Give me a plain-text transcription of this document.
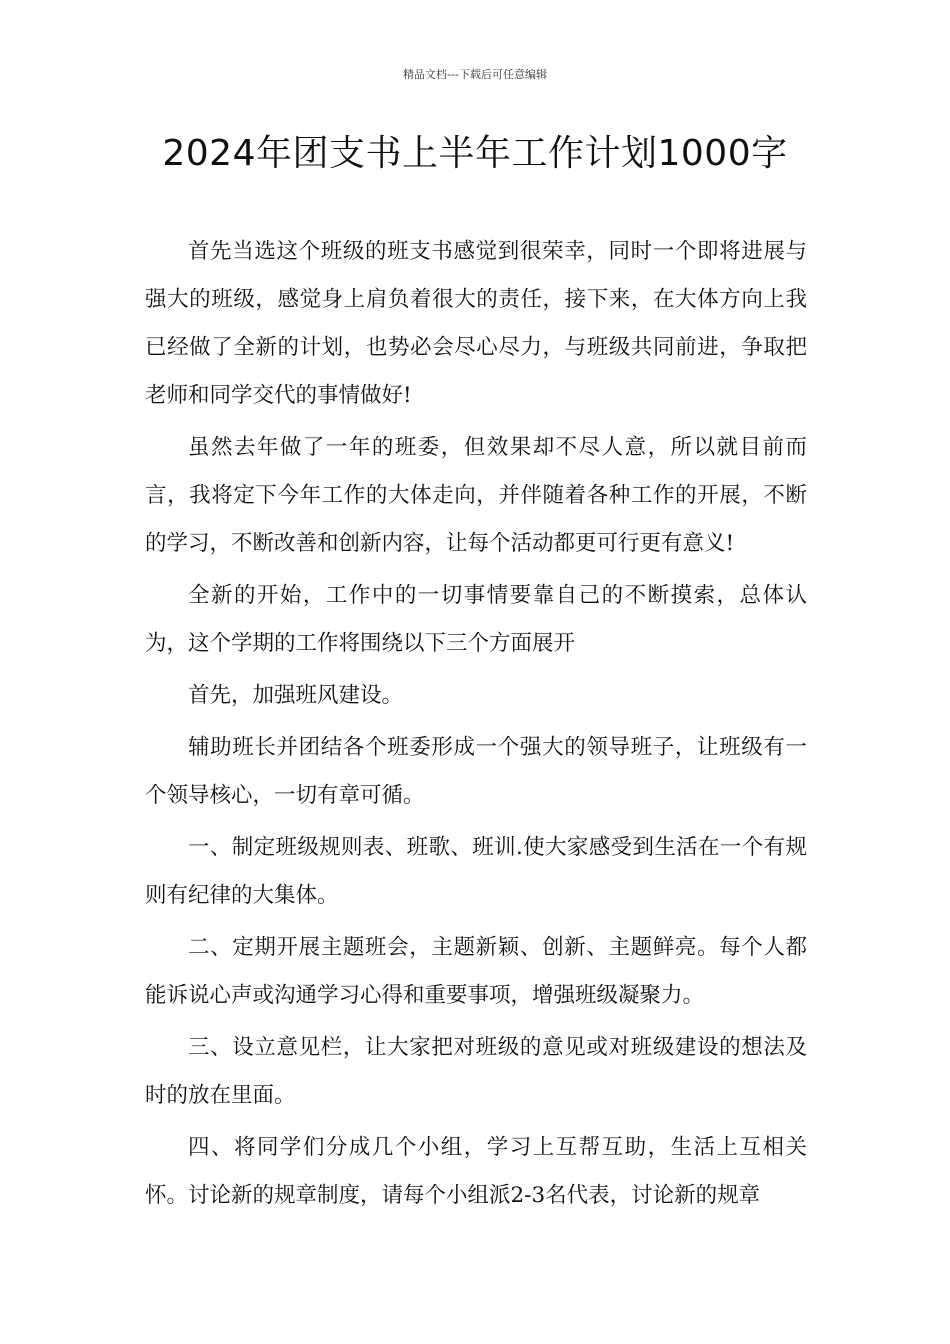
精品文档---下载后可任意编辑
2024年团支书上半年工作计划1000字

首先当选这个班级的班支书感觉到很荣幸，同时一个即将进展与强大的班级，感觉身上肩负着很大的责任，接下来，在大体方向上我已经做了全新的计划，也势必会尽心尽力，与班级共同前进，争取把老师和同学交代的事情做好!

虽然去年做了一年的班委，但效果却不尽人意，所以就目前而言，我将定下今年工作的大体走向，并伴随着各种工作的开展，不断的学习，不断改善和创新内容，让每个活动都更可行更有意义!

全新的开始，工作中的一切事情要靠自己的不断摸索，总体认为，这个学期的工作将围绕以下三个方面展开

首先，加强班风建设。

辅助班长并团结各个班委形成一个强大的领导班子，让班级有一个领导核心，一切有章可循。

一、制定班级规则表、班歌、班训.使大家感受到生活在一个有规则有纪律的大集体。

二、定期开展主题班会，主题新颖、创新、主题鲜亮。每个人都能诉说心声或沟通学习心得和重要事项，增强班级凝聚力。

三、设立意见栏，让大家把对班级的意见或对班级建设的想法及时的放在里面。

四、将同学们分成几个小组，学习上互帮互助，生活上互相关怀。讨论新的规章制度，请每个小组派2-3名代表，讨论新的规章
